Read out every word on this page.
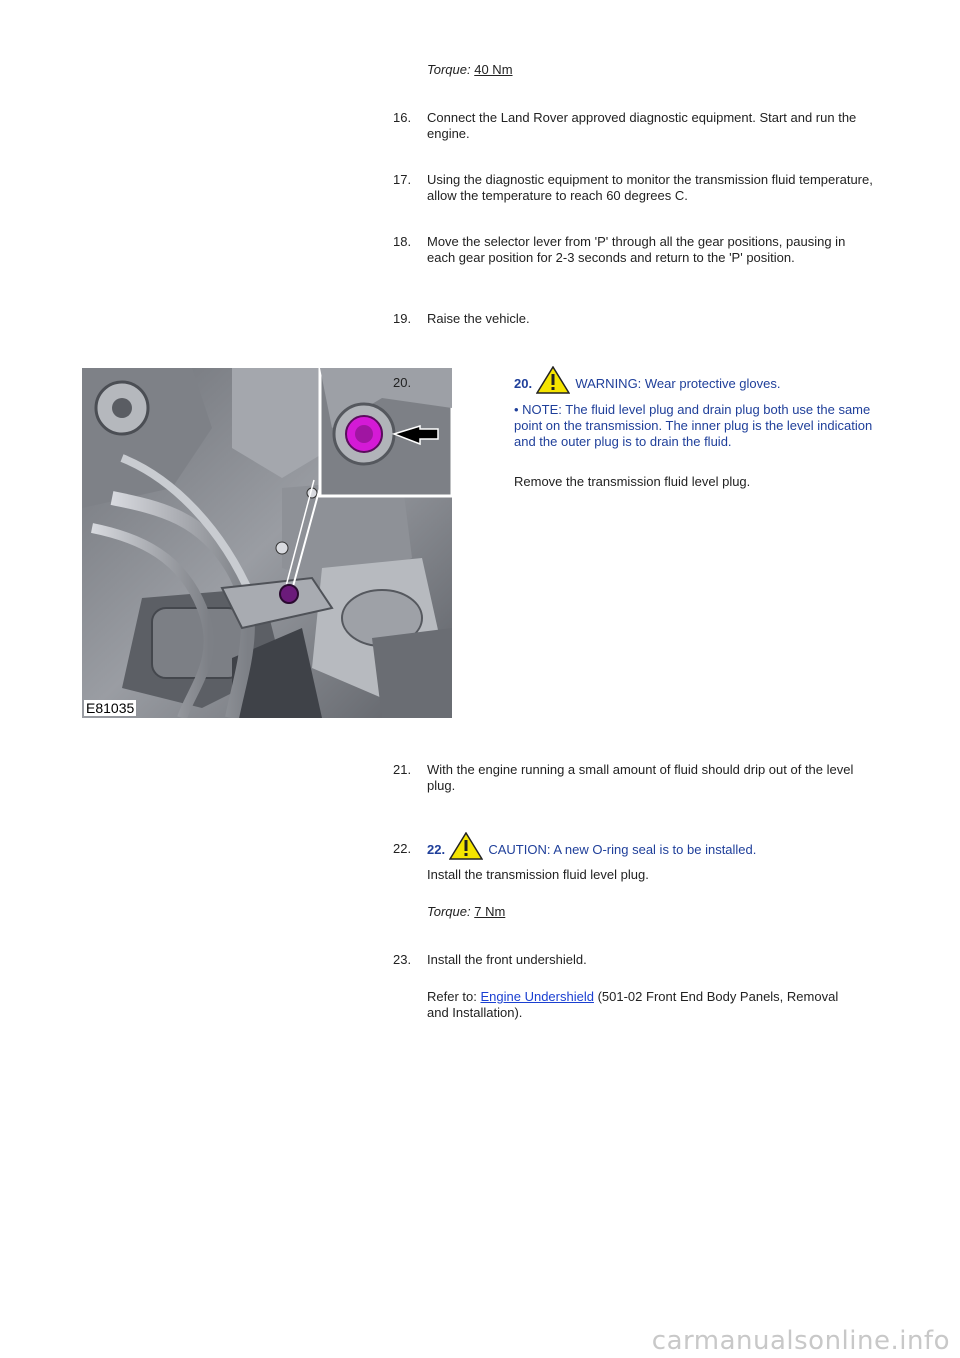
Torque: 40 Nm
16.	Connect the Land Rover approved diagnostic equipment. Start and run the engine.
17.	Using the diagnostic equipment to monitor the transmission fluid temperature, allow the temperature to reach 60 degrees C.
18.	Move the selector lever from 'P' through all the gear positions, pausing in each gear position for 2-3 seconds and return to the 'P' position.
19.	Raise the vehicle.
E81035
20.	20.	WARNING: Wear protective gloves.
• NOTE: The fluid level plug and drain plug both use the same point on the transmission. The inner plug is the level indication and the outer plug is to drain the fluid.
Remove the transmission fluid level plug.
21.	With the engine running a small amount of fluid should drip out of the level plug.
22.	22.	CAUTION: A new O-ring seal is to be installed.
Install the transmission fluid level plug.
Torque: 7 Nm
23.	Install the front undershield.
Refer to: Engine Undershield (501-02 Front End Body Panels, Removal and Installation).
carmanualsonline.info
